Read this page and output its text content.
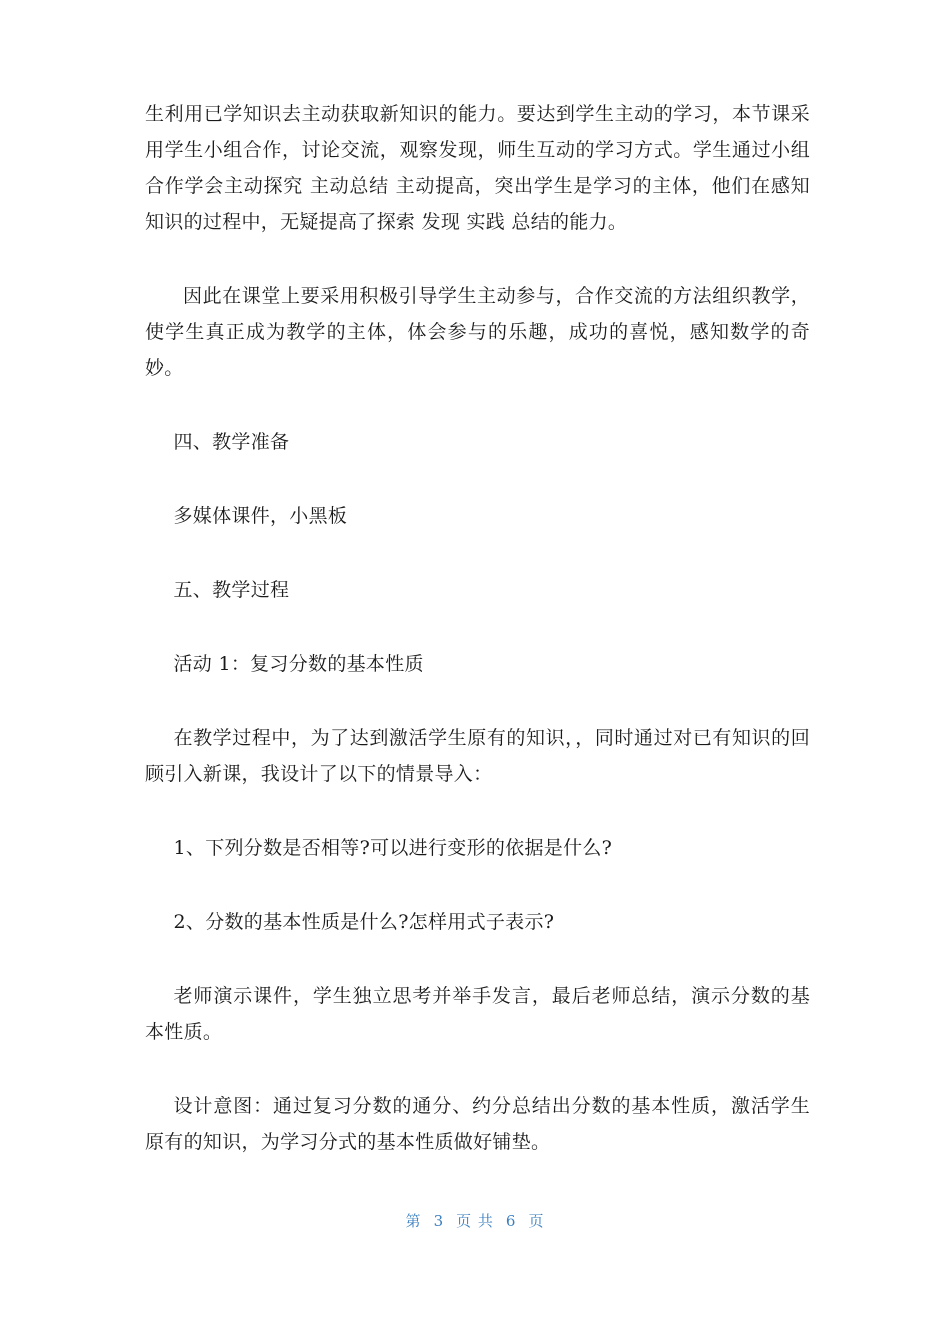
生利用已学知识去主动获取新知识的能力。要达到学生主动的学习，本节课采用学生小组合作，讨论交流，观察发现，师生互动的学习方式。学生通过小组合作学会主动探究 主动总结 主动提高，突出学生是学习的主体，他们在感知知识的过程中，无疑提高了探索 发现 实践 总结的能力。

因此在课堂上要采用积极引导学生主动参与，合作交流的方法组织教学，使学生真正成为教学的主体，体会参与的乐趣，成功的喜悦，感知数学的奇妙。

四、教学准备

多媒体课件，小黑板

五、教学过程

活动 1：复习分数的基本性质

在教学过程中，为了达到激活学生原有的知识，，同时通过对已有知识的回顾引入新课，我设计了以下的情景导入：

1、下列分数是否相等?可以进行变形的依据是什么?

2、分数的基本性质是什么?怎样用式子表示?

老师演示课件，学生独立思考并举手发言，最后老师总结，演示分数的基本性质。

设计意图：通过复习分数的通分、约分总结出分数的基本性质，激活学生原有的知识，为学习分式的基本性质做好铺垫。

第 3 页 共 6 页
